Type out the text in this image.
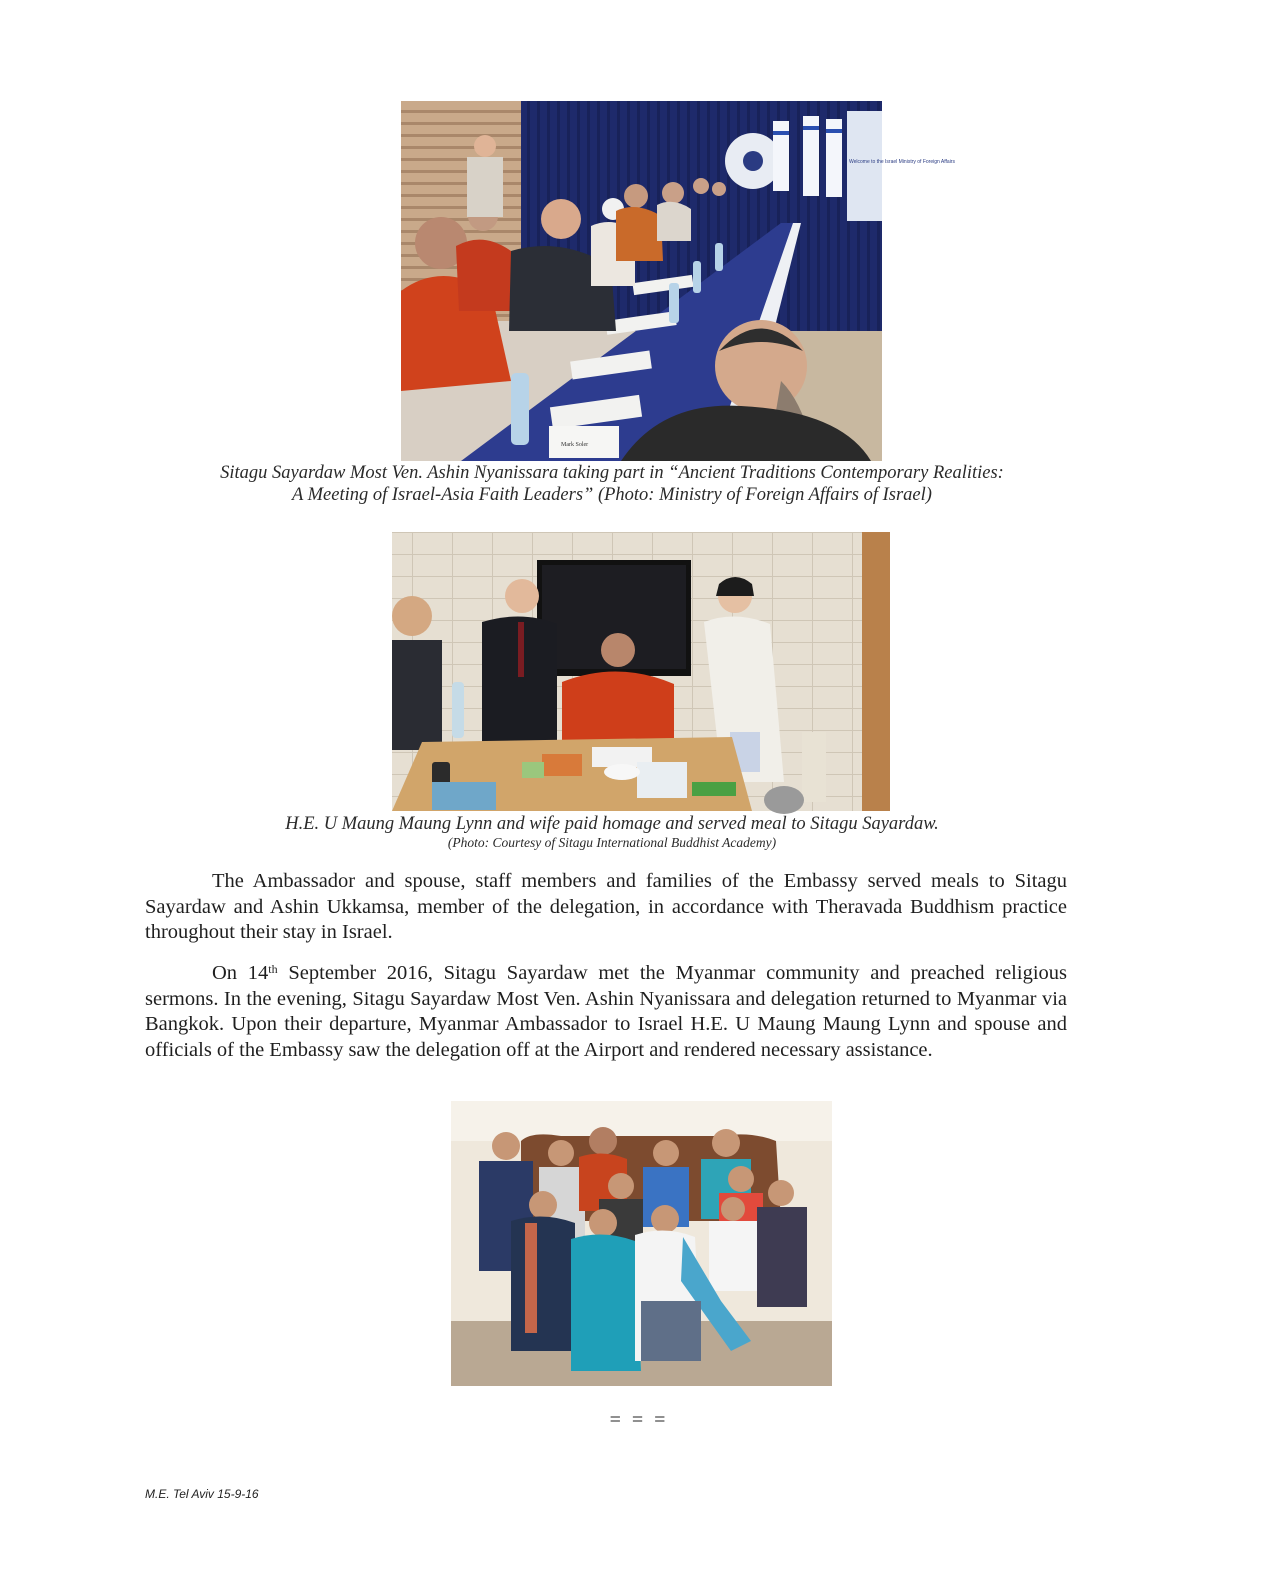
Welcome to the Israel Ministry of Foreign Affairs
Mark Soler
Sitagu Sayardaw Most Ven. Ashin Nyanissara taking part in “Ancient Traditions Contemporary Realities:
A Meeting of Israel-Asia Faith Leaders” (Photo: Ministry of Foreign Affairs of Israel)
H.E. U Maung Maung Lynn and wife paid homage and served meal to Sitagu Sayardaw.
(Photo: Courtesy of Sitagu International Buddhist Academy)

The Ambassador and spouse, staff members and families of the Embassy served meals to Sitagu Sayardaw and Ashin Ukkamsa, member of the delegation, in accordance with Theravada Buddhism practice throughout their stay in Israel.

On 14th September 2016, Sitagu Sayardaw met the Myanmar community and preached religious sermons. In the evening, Sitagu Sayardaw Most Ven. Ashin Nyanissara and delegation returned to Myanmar via Bangkok. Upon their departure, Myanmar Ambassador to Israel H.E. U Maung Maung Lynn and spouse and officials of the Embassy saw the delegation off at the Airport and rendered necessary assistance.

= = =
M.E. Tel Aviv 15-9-16
